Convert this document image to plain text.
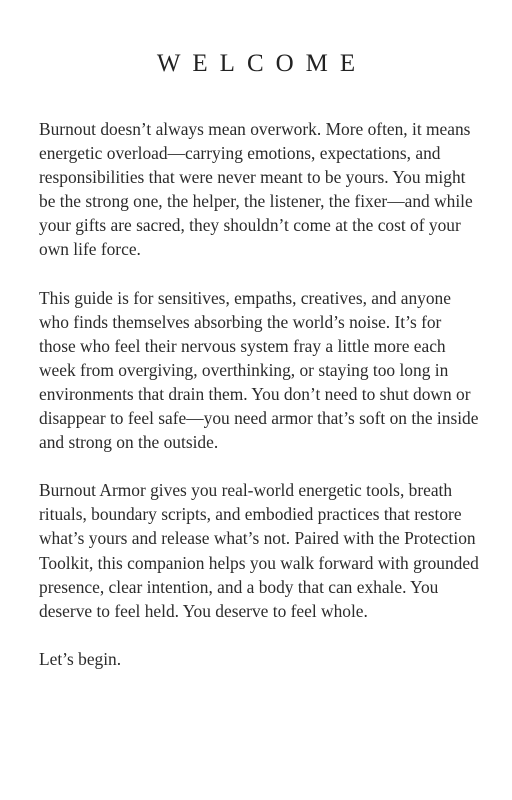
WELCOME

Burnout doesn’t always mean overwork. More often, it means energetic overload—carrying emotions, expectations, and responsibilities that were never meant to be yours. You might be the strong one, the helper, the listener, the fixer—and while your gifts are sacred, they shouldn’t come at the cost of your own life force.

This guide is for sensitives, empaths, creatives, and anyone who finds themselves absorbing the world’s noise. It’s for those who feel their nervous system fray a little more each week from overgiving, overthinking, or staying too long in environments that drain them. You don’t need to shut down or disappear to feel safe—you need armor that’s soft on the inside and strong on the outside.

Burnout Armor gives you real-world energetic tools, breath rituals, boundary scripts, and embodied practices that restore what’s yours and release what’s not. Paired with the Protection Toolkit, this companion helps you walk forward with grounded presence, clear intention, and a body that can exhale. You deserve to feel held. You deserve to feel whole.

Let’s begin.
